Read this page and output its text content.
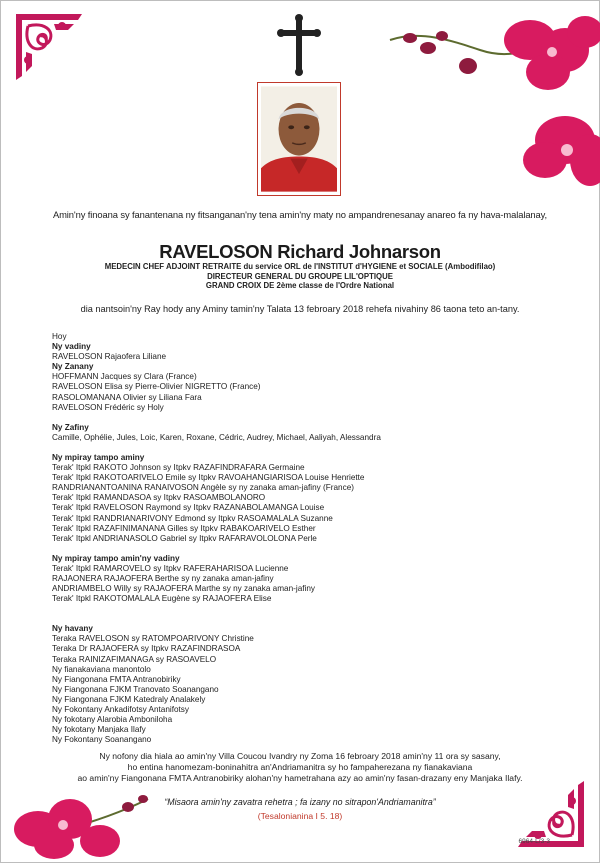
Amin'ny finoana sy fanantenana ny fitsanganan'ny tena amin'ny maty no ampandrenesanay anareo fa ny hava-malalanay,
RAVELOSON Richard Johnarson
MEDECIN CHEF ADJOINT RETRAITE du service ORL de l'INSTITUT d'HYGIENE et SOCIALE (Ambodifilao)
DIRECTEUR GENERAL DU GROUPE LIL'OPTIQUE
GRAND CROIX DE 2ème classe de l'Ordre National
dia nantsoin'ny Ray hody any Aminy tamin'ny Talata 13 febroary 2018 rehefa nivahiny 86 taona teto an-tany.
Hoy
Ny vadiny
RAVELOSON Rajaofera Liliane
Ny Zanany
HOFFMANN Jacques sy Clara (France)
RAVELOSON Elisa sy Pierre-Olivier NIGRETTO (France)
RASOLOMANANA Olivier sy Liliana Fara
RAVELOSON Frédéric sy Holy
Ny Zafiny
Camille, Ophélie, Jules, Loic, Karen, Roxane, Cédric, Audrey, Michael, Aaliyah, Alessandra
Ny mpiray tampo aminy
Terak' Itpkl RAKOTO Johnson sy Itpkv RAZAFINDRAFARA Germaine
Terak' Itpkl RAKOTOARIVELO Emile sy Itpkv RAVOAHANGIARISOA Louise Henriette
RANDRIANANTOANINA RANAIVOSON Angèle sy ny zanaka aman-jafiny (France)
Terak' Itpkl RAMANDASOA sy Itpkv RASOAMBOLANORO
Terak' Itpkl RAVELOSON Raymond sy Itpkv RAZANABOLAMANGA Louise
Terak' Itpkl RANDRIANARIVONY Edmond sy Itpkv RASOAMALALA Suzanne
Terak' Itpkl RAZAFINIMANANA Gilles sy Itpkv RABAKOARIVELO Esther
Terak' Itpkl ANDRIANASOLO Gabriel sy Itpkv RAFARAVOLOLONA Perle
Ny mpiray tampo amin'ny vadiny
Terak' Itpkl RAMAROVELO sy Itpkv RAFERAHARISOA Lucienne
RAJAONERA RAJAOFERA Berthe sy ny zanaka aman-jafiny
ANDRIAMBELO Willy sy RAJAOFERA Marthe sy ny zanaka aman-jafiny
Terak' Itpkl RAKOTOMALALA Eugène sy RAJAOFERA Elise
Ny havany
Teraka RAVELOSON sy RATOMPOARIVONY Christine
Teraka Dr RAJAOFERA sy Itpkv RAZAFINDRASOA
Teraka RAINIZAFIMANAGA sy RASOAVELO
Ny fianakaviana manontolo
Ny Fiangonana FMTA Antranobiriky
Ny Fiangonana FJKM Tranovato Soanangano
Ny Fiangonana FJKM Katedraly Analakely
Ny Fokontany Ankadifotsy Antanifotsy
Ny fokotany Alarobia Amboniloha
Ny fokotany Manjaka Ilafy
Ny Fokontany Soanangano
Ny nofony dia hiala ao amin'ny Villa Coucou Ivandry ny Zoma 16 febroary 2018 amin'ny 11 ora sy sasany,
ho entina hanomezam-boninahitra an'Andriamanitra sy ho fampaherezana ny fianakaviana
ao amin'ny Fiangonana FMTA Antranobiriky alohan'ny hametrahana azy ao amin'ny fasan-drazany eny Manjaka Ilafy.
“Misaora amin'ny zavatra rehetra ; fa izany no sitrapon'Andriamanitra”
(Tesalonianina I 5. 18)
6964-L/3-3
